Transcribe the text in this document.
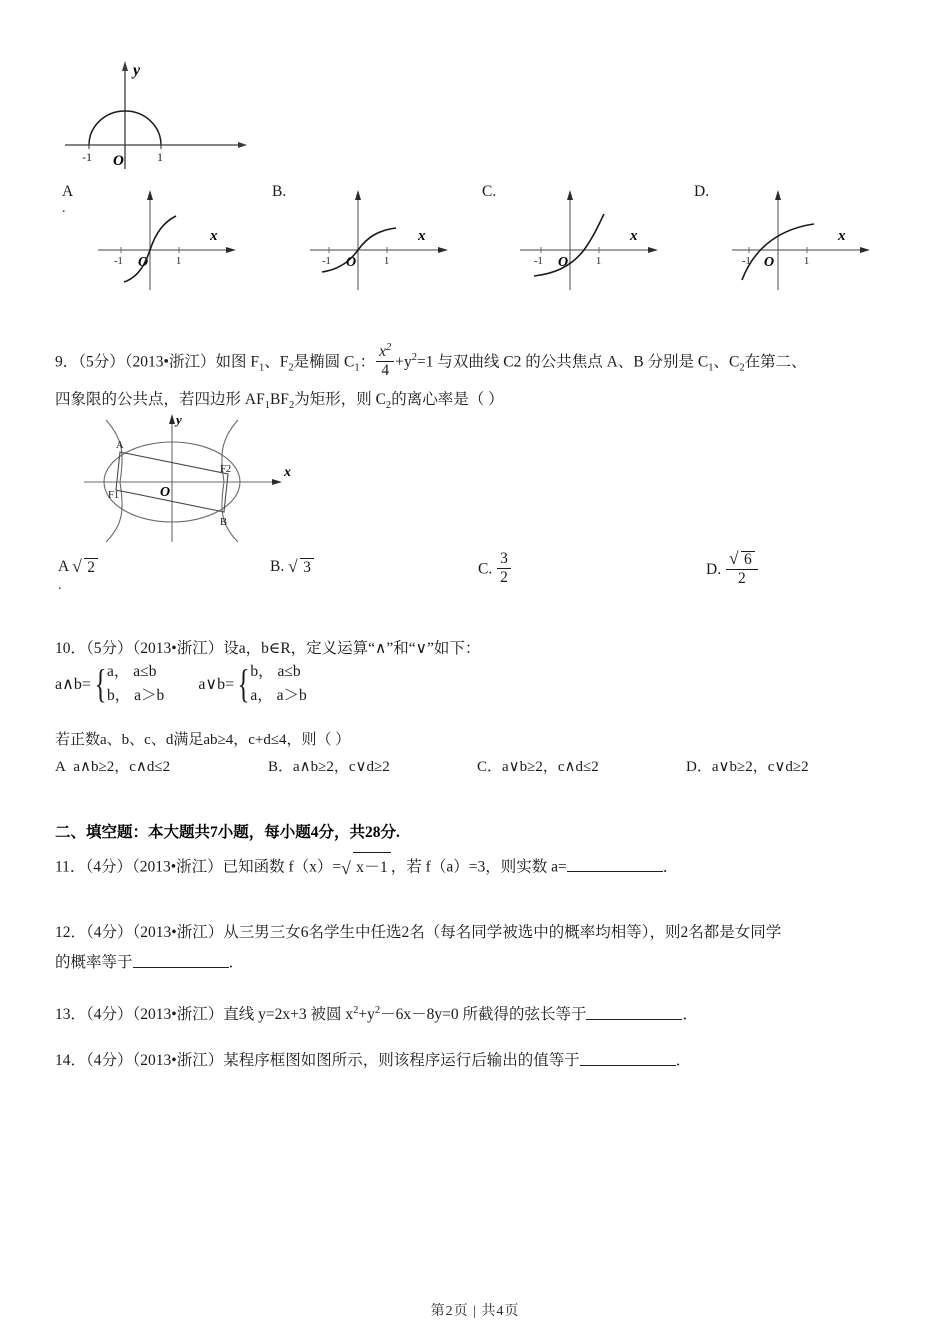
-1	1
O
y
A
.
-1	1
O
x
B.
-1	1
O
x
C.
-1	1
O
x
D.
-1	1
O
x
9．（5分）（2013•浙江）如图 $F_1$、$F_2$是椭圆 $C_1$： $\frac{x^2}{4} +y^2=1$ 与双曲线 C2 的公共焦点 A、B 分别是 $C_1$、$C_2$在第二、
四象限的公共点，若四边形 $AF_1BF_2$为矩形，则 $C_2$的离心率是（ ）
y
x
A
B
F1
F2
O
A √ 2
.
B. √ 3	C. $\frac{3}{2}$	D. √ $\frac{6}{2}$
10．（5分）（2013•浙江）设a，b∈R，定义运算“∧”和“∨”如下：
a∧b= { a， a≤b
b， a＞b
a∨b= { b， a≤b
a， a＞b
若正数a、b、c、d满足ab≥4，c+d≤4，则（ ）
A a∧b≥2，c∧d≤2	B．a∧b≥2，c∨d≥2	C．a∨b≥2，c∧d≤2	D．a∨b≥2，c∨d≥2
二、填空题：本大题共7小题，每小题4分，共28分.
11．（4分）（2013•浙江）已知函数 f（x）= √ x－1 ，若 f（a）=3，则实数 a=	．
12．（4分）（2013•浙江）从三男三女6名学生中任选2名（每名同学被选中的概率均相等），则2名都是女同学
的概率等于	．
13．（4分）（2013•浙江）直线 y=2x+3 被圆 $x^2+y^2-6x-8y=0$ 所截得的弦长等于	．
14．（4分）（2013•浙江）某程序框图如图所示，则该程序运行后输出的值等于	．
第2页 | 共4页
